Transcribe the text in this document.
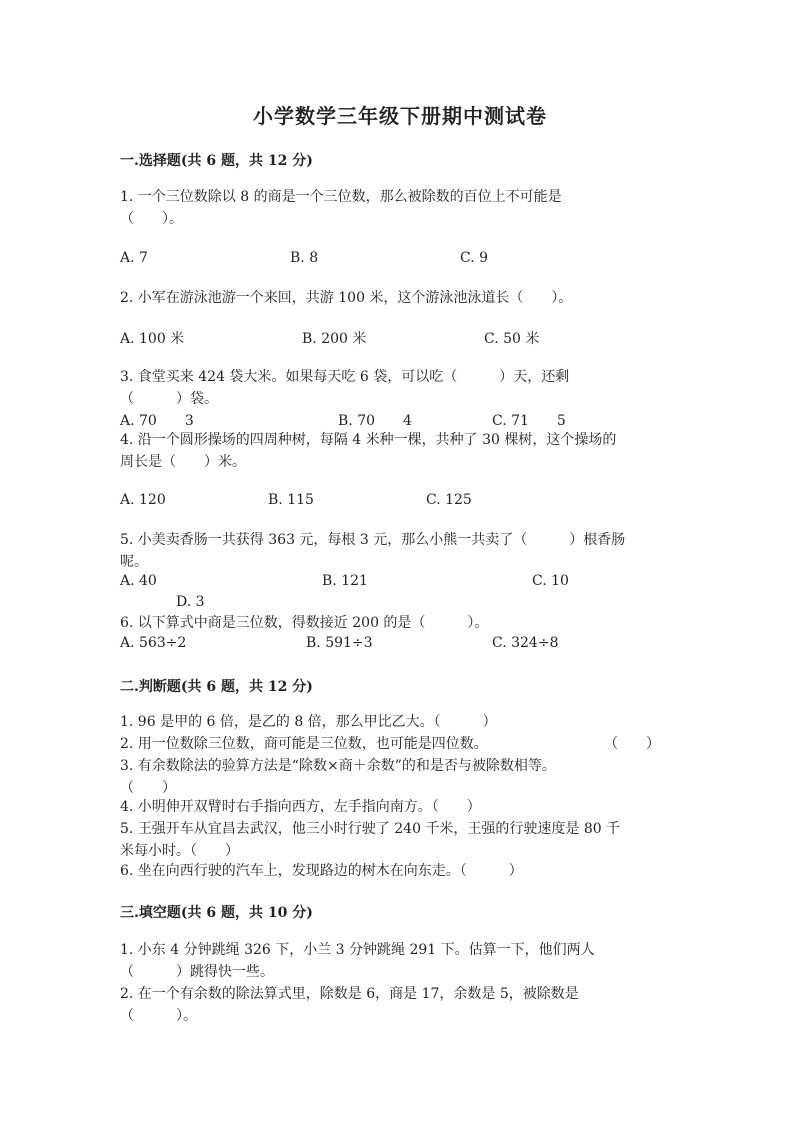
小学数学三年级下册期中测试卷
一.选择题(共 6 题，共 12 分)
1. 一个三位数除以 8 的商是一个三位数，那么被除数的百位上不可能是
（　　）。
A. 7	B. 8	C. 9
2. 小军在游泳池游一个来回，共游 100 米，这个游泳池泳道长（　　）。
A. 100 米	B. 200 米	C. 50 米
3. 食堂买来 424 袋大米。如果每天吃 6 袋，可以吃（　　　）天，还剩
（　　　）袋。
A. 70　　3	B. 70　　4	C. 71　　5
4. 沿一个圆形操场的四周种树，每隔 4 米种一棵，共种了 30 棵树，这个操场的
周长是（　　）米。
A. 120	B. 115	C. 125
5. 小美卖香肠一共获得 363 元，每根 3 元，那么小熊一共卖了（　　　）根香肠
呢。
A. 40	B. 121	C. 10
D. 3
6. 以下算式中商是三位数，得数接近 200 的是（　　　）。
A. 563÷2	B. 591÷3	C. 324÷8
二.判断题(共 6 题，共 12 分)
1. 96 是甲的 6 倍，是乙的 8 倍，那么甲比乙大。（　　　）
2. 用一位数除三位数，商可能是三位数，也可能是四位数。	（　　）
3. 有余数除法的验算方法是“除数×商＋余数”的和是否与被除数相等。
（　　）
4. 小明伸开双臂时右手指向西方，左手指向南方。（　　）
5. 王强开车从宜昌去武汉，他三小时行驶了 240 千米，王强的行驶速度是 80 千
米每小时。（　　）
6. 坐在向西行驶的汽车上，发现路边的树木在向东走。（　　　）
三.填空题(共 6 题，共 10 分)
1. 小东 4 分钟跳绳 326 下，小兰 3 分钟跳绳 291 下。估算一下，他们两人
（　　　）跳得快一些。
2. 在一个有余数的除法算式里，除数是 6，商是 17，余数是 5，被除数是
（　　　）。
